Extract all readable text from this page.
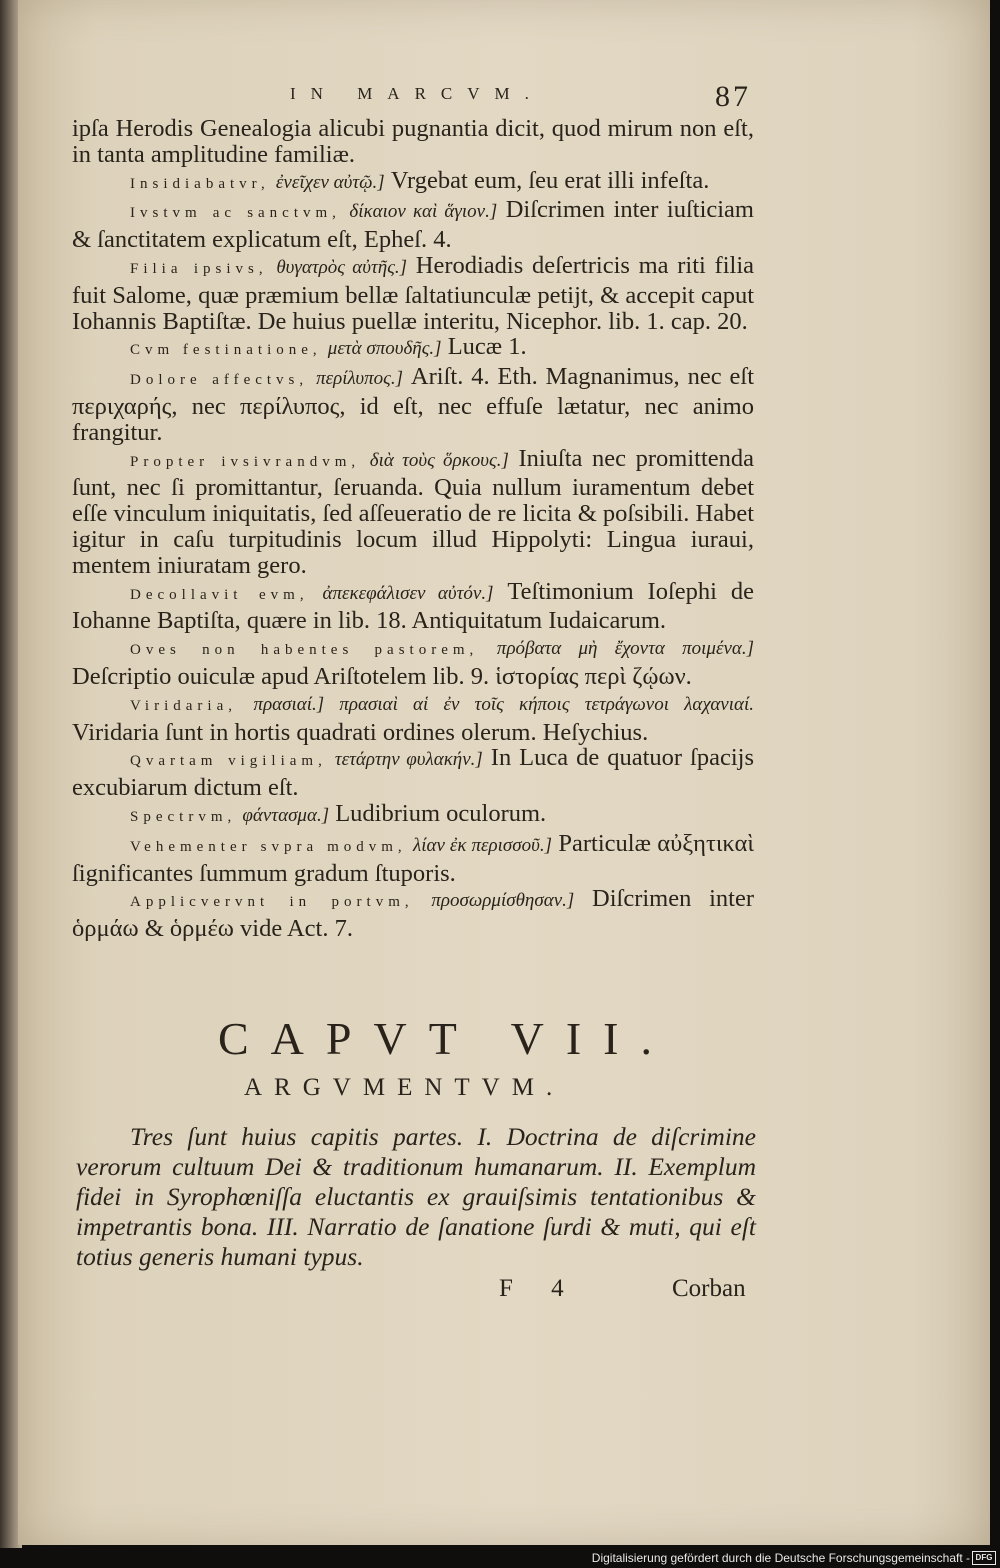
IN MARCVM.	87

ipſa Herodis Genealogia alicubi pugnantia dicit, quod mirum non eſt, in tanta amplitudine familiæ.

Insidiabatvr, ἐνεῖχεν αὐτῷ.] Vrgebat eum, ſeu erat illi infeſta.

Ivstvm ac sanctvm, δίκαιον καὶ ἅγιον.] Diſcrimen inter iuſticiam & ſanctitatem explicatum eſt, Epheſ. 4.

Filia ipsivs, θυγατρὸς αὐτῆς.] Herodiadis deſertricis ma riti filia fuit Salome, quæ præmium bellæ ſaltatiunculæ petijt, & accepit caput Iohannis Baptiſtæ. De huius puellæ interitu, Nicephor. lib. 1. cap. 20.

Cvm festinatione, μετὰ σπουδῆς.] Lucæ 1.

Dolore affectvs, περίλυπος.] Ariſt. 4. Eth. Magnanimus, nec eſt περιχαρής, nec περίλυπος, id eſt, nec effuſe lætatur, nec animo frangitur.

Propter ivsivrandvm, διὰ τοὺς ὅρκους.] Iniuſta nec promittenda ſunt, nec ſi promittantur, ſeruanda. Quia nullum iuramentum debet eſſe vinculum iniquitatis, ſed aſſeueratio de re licita & poſsibili. Habet igitur in caſu turpitudinis locum illud Hippolyti: Lingua iuraui, mentem iniuratam gero.

Decollavit evm, ἀπεκεφάλισεν αὐτόν.] Teſtimonium Ioſephi de Iohanne Baptiſta, quære in lib. 18. Antiquitatum Iudaicarum.

Oves non habentes pastorem, πρόβατα μὴ ἔχοντα ποιμένα.] Deſcriptio ouiculæ apud Ariſtotelem lib. 9. ἱστορίας περὶ ζῴων.

Viridaria, πρασιαί.] πρασιαὶ αἱ ἐν τοῖς κήποις τετράγωνοι λαχανιαί. Viridaria ſunt in hortis quadrati ordines olerum. Heſychius.

Qvartam vigiliam, τετάρτην φυλακήν.] In Luca de quatuor ſpacijs excubiarum dictum eſt.

Spectrvm, φάντασμα.] Ludibrium oculorum.

Vehementer svpra modvm, λίαν ἐκ περισσοῦ.] Particulæ αὐξητικαὶ ſignificantes ſummum gradum ſtuporis.

Applicvervnt in portvm, προσωρμίσθησαν.] Diſcrimen inter ὁρμάω & ὁρμέω vide Act. 7.

CAPVT VII.
ARGVMENTVM.
Tres ſunt huius capitis partes. I. Doctrina de diſcrimine verorum cultuum Dei & traditionum humanarum. II. Exemplum fidei in Syrophœniſſa eluctantis ex grauiſsimis tentationibus & impetrantis bona. III. Narratio de ſanatione ſurdi & muti, qui eſt totius generis humani typus.
F 4	Corban
Digitalisierung gefördert durch die Deutsche Forschungsgemeinschaft - DFG
